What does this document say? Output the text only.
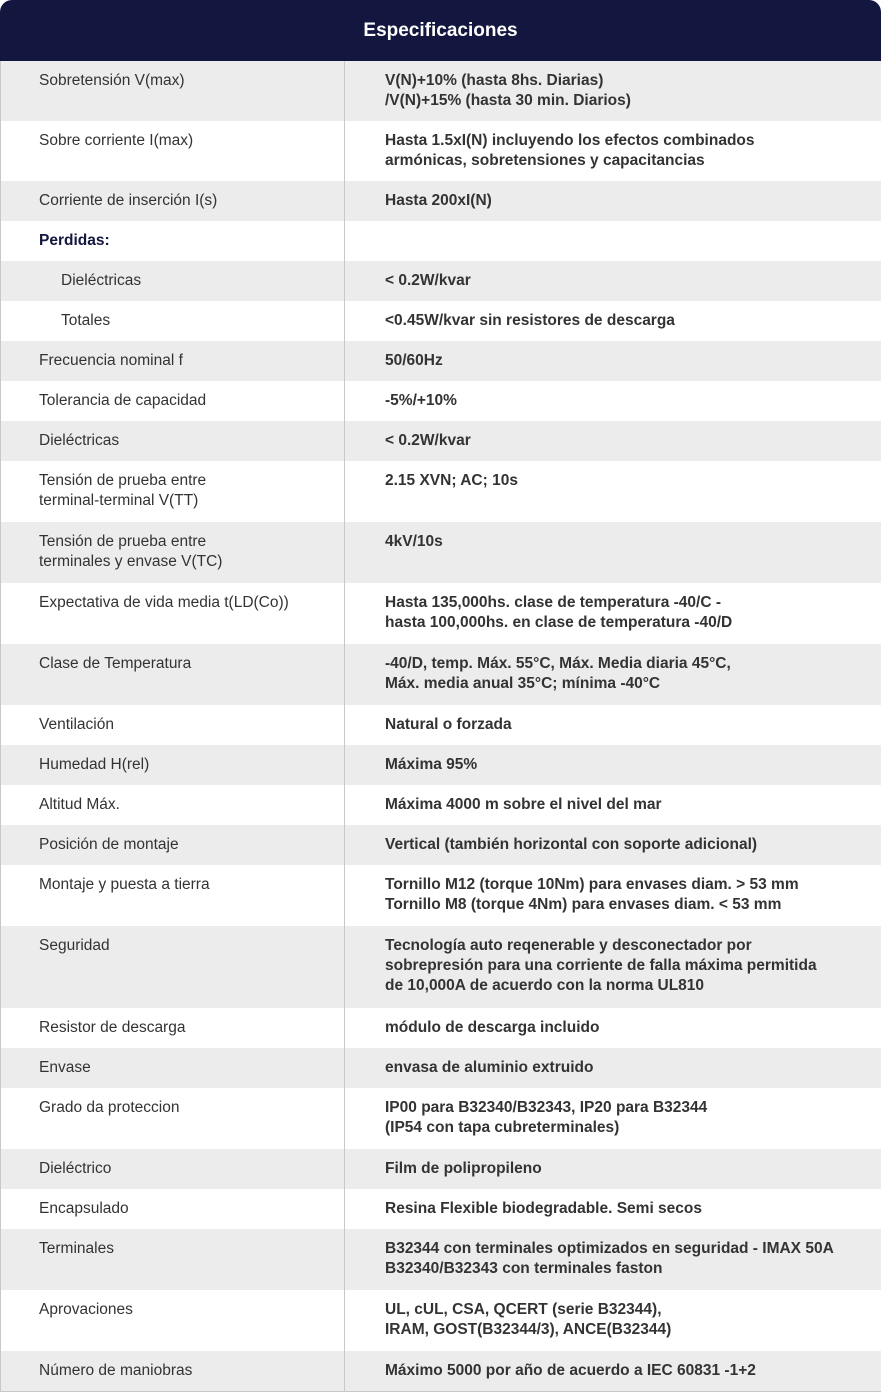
Especificaciones
Sobretensión V(max)	V(N)+10% (hasta 8hs. Diarias)
/V(N)+15% (hasta 30 min. Diarios)

Sobre corriente I(max)	Hasta 1.5xI(N) incluyendo los efectos combinados
armónicas, sobretensiones y capacitancias

Corriente de inserción I(s)	Hasta 200xI(N)

Perdidas:	

Dieléctricas	< 0.2W/kvar

Totales	<0.45W/kvar sin resistores de descarga

Frecuencia nominal f	50/60Hz

Tolerancia de capacidad	-5%/+10%

Dieléctricas	< 0.2W/kvar

Tensión de prueba entre
terminal-terminal V(TT)	2.15 XVN; AC; 10s

Tensión de prueba entre
terminales y envase V(TC)	4kV/10s

Expectativa de vida media t(LD(Co))	Hasta 135,000hs. clase de temperatura -40/C -
hasta 100,000hs. en clase de temperatura -40/D

Clase de Temperatura	-40/D, temp. Máx. 55°C, Máx. Media diaria 45°C,
Máx. media anual 35°C; mínima -40°C

Ventilación	Natural o forzada

Humedad H(rel)	Máxima 95%

Altitud Máx.	Máxima 4000 m sobre el nivel del mar

Posición de montaje	Vertical (también horizontal con soporte adicional)

Montaje y puesta a tierra	Tornillo M12 (torque 10Nm) para envases diam. > 53 mm
Tornillo M8 (torque 4Nm) para envases diam. < 53 mm

Seguridad	Tecnología auto reqenerable y desconectador por
sobrepresión para una corriente de falla máxima permitida
de 10,000A de acuerdo con la norma UL810

Resistor de descarga	módulo de descarga incluido

Envase	envasa de aluminio extruido

Grado da proteccion	IP00 para B32340/B32343, IP20 para B32344
(IP54 con tapa cubreterminales)

Dieléctrico	Film de polipropileno

Encapsulado	Resina Flexible biodegradable. Semi secos

Terminales	B32344 con terminales optimizados en seguridad - IMAX 50A
B32340/B32343 con terminales faston

Aprovaciones	UL, cUL, CSA, QCERT (serie B32344),
IRAM, GOST(B32344/3), ANCE(B32344)

Número de maniobras	Máximo 5000 por año de acuerdo a IEC 60831 -1+2
